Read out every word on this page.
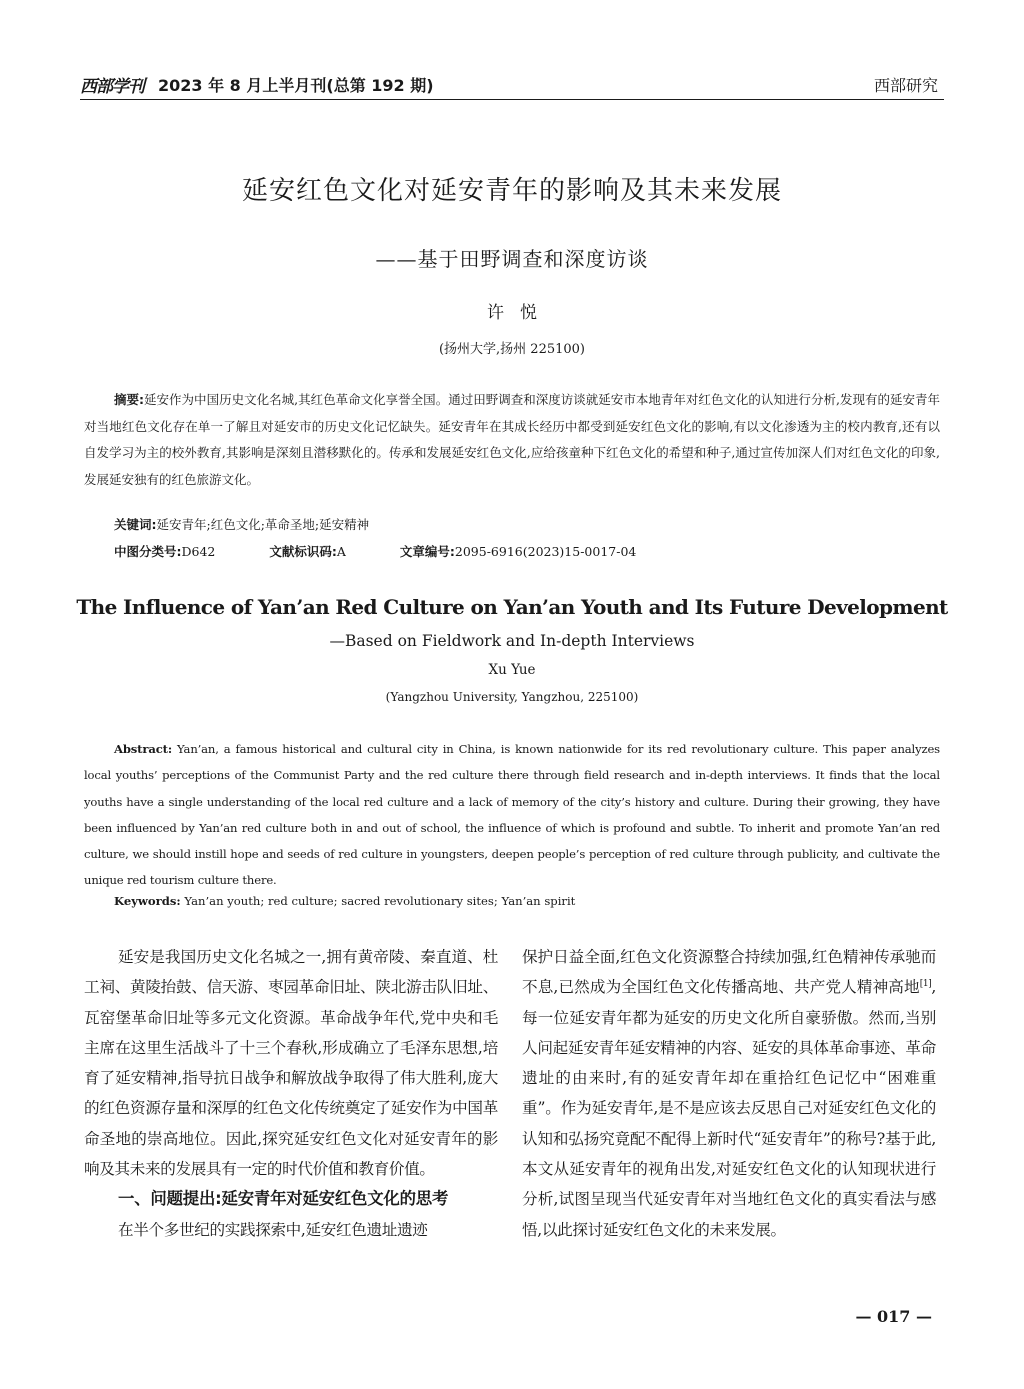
西部学刊 2023 年 8 月上半月刊(总第 192 期)	西部研究
延安红色文化对延安青年的影响及其未来发展
——基于田野调查和深度访谈
许悦
(扬州大学,扬州 225100)
摘要:延安作为中国历史文化名城,其红色革命文化享誉全国。通过田野调查和深度访谈就延安市本地青年对红色文化的认知进行分析,发现有的延安青年对当地红色文化存在单一了解且对延安市的历史文化记忆缺失。延安青年在其成长经历中都受到延安红色文化的影响,有以文化渗透为主的校内教育,还有以自发学习为主的校外教育,其影响是深刻且潜移默化的。传承和发展延安红色文化,应给孩童种下红色文化的希望和种子,通过宣传加深人们对红色文化的印象,发展延安独有的红色旅游文化。
关键词:延安青年;红色文化;革命圣地;延安精神
中图分类号:D642	文献标识码:A	文章编号:2095-6916(2023)15-0017-04
The Influence of Yan’an Red Culture on Yan’an Youth and Its Future Development
—Based on Fieldwork and In-depth Interviews
Xu Yue
(Yangzhou University, Yangzhou, 225100)
Abstract: Yan’an, a famous historical and cultural city in China, is known nationwide for its red revolutionary culture. This paper analyzes local youths’ perceptions of the Communist Party and the red culture there through field research and in-depth interviews. It finds that the local youths have a single understanding of the local red culture and a lack of memory of the city’s history and culture. During their growing, they have been influenced by Yan’an red culture both in and out of school, the influence of which is profound and subtle. To inherit and promote Yan’an red culture, we should instill hope and seeds of red culture in youngsters, deepen people’s perception of red culture through publicity, and cultivate the unique red tourism culture there.
Keywords: Yan’an youth; red culture; sacred revolutionary sites; Yan’an spirit

延安是我国历史文化名城之一,拥有黄帝陵、秦直道、杜工祠、黄陵抬鼓、信天游、枣园革命旧址、陕北游击队旧址、瓦窑堡革命旧址等多元文化资源。革命战争年代,党中央和毛主席在这里生活战斗了十三个春秋,形成确立了毛泽东思想,培育了延安精神,指导抗日战争和解放战争取得了伟大胜利,庞大的红色资源存量和深厚的红色文化传统奠定了延安作为中国革命圣地的崇高地位。因此,探究延安红色文化对延安青年的影响及其未来的发展具有一定的时代价值和教育价值。

一、问题提出:延安青年对延安红色文化的思考

在半个多世纪的实践探索中,延安红色遗址遗迹

保护日益全面,红色文化资源整合持续加强,红色精神传承驰而不息,已然成为全国红色文化传播高地、共产党人精神高地[1],每一位延安青年都为延安的历史文化所自豪骄傲。然而,当别人问起延安青年延安精神的内容、延安的具体革命事迹、革命遗址的由来时,有的延安青年却在重拾红色记忆中“困难重重”。作为延安青年,是不是应该去反思自己对延安红色文化的认知和弘扬究竟配不配得上新时代“延安青年”的称号?基于此,本文从延安青年的视角出发,对延安红色文化的认知现状进行分析,试图呈现当代延安青年对当地红色文化的真实看法与感悟,以此探讨延安红色文化的未来发展。

— 017 —
